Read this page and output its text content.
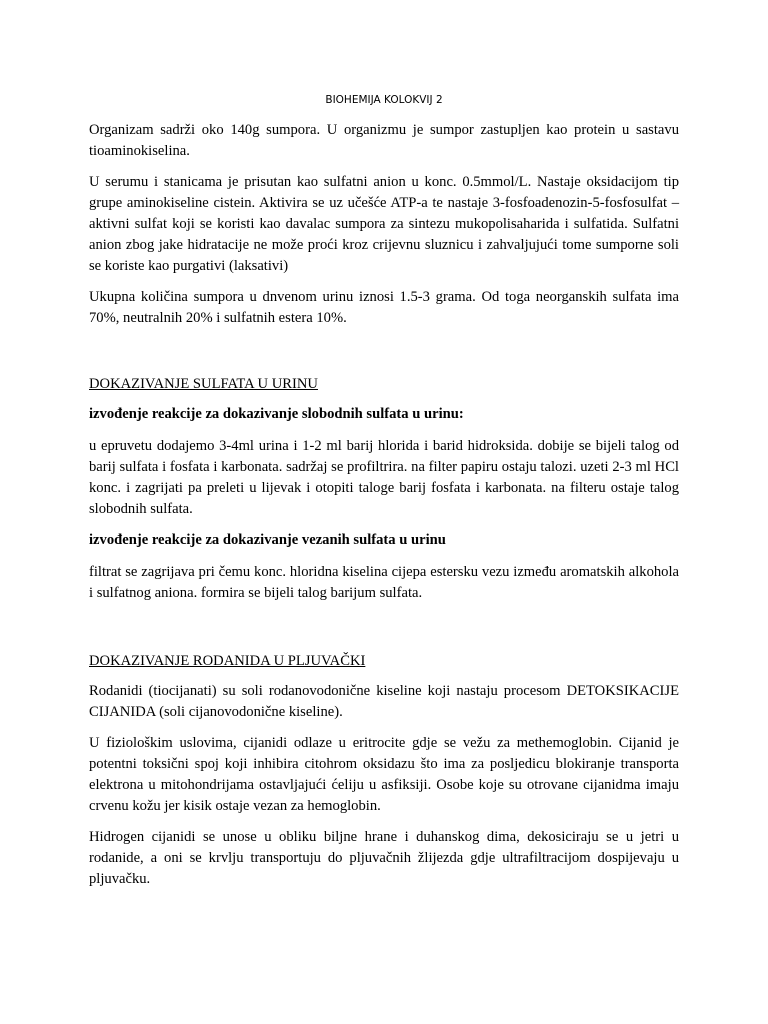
BIOHEMIJA KOLOKVIJ 2

Organizam sadrži oko 140g sumpora. U organizmu je sumpor zastupljen kao protein u sastavu tioaminokiselina.

U serumu i stanicama je prisutan kao sulfatni anion u konc. 0.5mmol/L. Nastaje oksidacijom tip grupe aminokiseline cistein. Aktivira se uz učešće ATP-a te nastaje 3-fosfoadenozin-5-fosfosulfat – aktivni sulfat koji se koristi kao davalac sumpora za sintezu mukopolisaharida i sulfatida. Sulfatni anion zbog jake hidratacije ne može proći kroz crijevnu sluznicu i zahvaljujući tome sumporne soli se koriste kao purgativi (laksativi)

Ukupna količina sumpora u dnvenom urinu iznosi 1.5-3 grama. Od toga neorganskih sulfata ima 70%, neutralnih 20% i sulfatnih estera 10%.

DOKAZIVANJE SULFATA U URINU

izvođenje reakcije za dokazivanje slobodnih sulfata u urinu:

u epruvetu dodajemo 3-4ml urina i 1-2 ml barij hlorida i barid hidroksida. dobije se bijeli talog od barij sulfata i fosfata i karbonata. sadržaj se profiltrira. na filter papiru ostaju talozi. uzeti 2-3 ml HCl konc. i zagrijati pa preleti u lijevak i otopiti taloge barij fosfata i karbonata. na filteru ostaje talog slobodnih sulfata.

izvođenje reakcije za dokazivanje vezanih sulfata u urinu

filtrat se zagrijava pri čemu konc. hloridna kiselina cijepa estersku vezu između aromatskih alkohola i sulfatnog aniona. formira se bijeli talog barijum sulfata.

DOKAZIVANJE RODANIDA U PLJUVAČKI

Rodanidi (tiocijanati) su soli rodanovodonične kiseline koji nastaju procesom DETOKSIKACIJE CIJANIDA (soli cijanovodonične kiseline).

U fiziološkim uslovima, cijanidi odlaze u eritrocite gdje se vežu za methemoglobin. Cijanid je potentni toksični spoj koji inhibira citohrom oksidazu što ima za posljedicu blokiranje transporta elektrona u mitohondrijama ostavljajući ćeliju u asfiksiji. Osobe koje su otrovane cijanidma imaju crvenu kožu jer kisik ostaje vezan za hemoglobin.

Hidrogen cijanidi se unose u obliku biljne hrane i duhanskog dima, dekosiciraju se u jetri u rodanide, a oni se krvlju transportuju do pljuvačnih žlijezda gdje ultrafiltracijom dospijevaju u pljuvačku.
